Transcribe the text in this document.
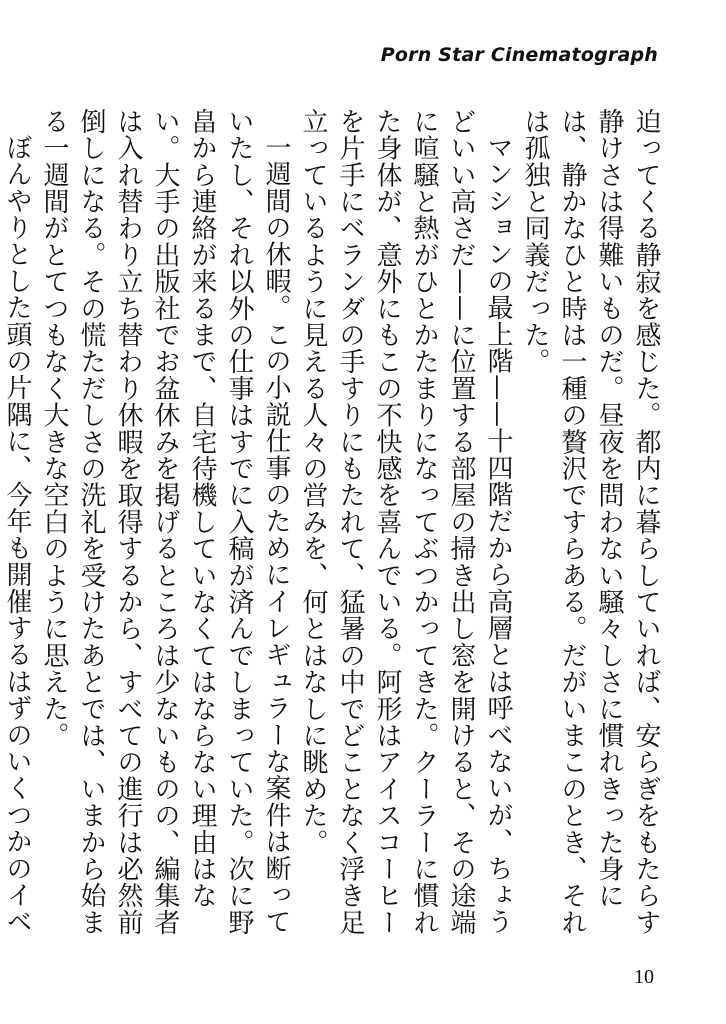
Porn Star Cinematograph

迫ってくる静寂を感じた。都内に暮らしていれば、安らぎをもたらす静けさは得難いものだ。昼夜を問わない騒々しさに慣れきった身には、静かなひと時は一種の贅沢ですらある。だがいまこのとき、それは孤独と同義だった。

マンションの最上階——十四階だから高層とは呼べないが、ちょうどいい高さだ——に位置する部屋の掃き出し窓を開けると、その途端に喧騒と熱がひとかたまりになってぶつかってきた。クーラーに慣れた身体が、意外にもこの不快感を喜んでいる。阿形はアイスコーヒーを片手にベランダの手すりにもたれて、猛暑の中でどことなく浮き足立っているように見える人々の営みを、何とはなしに眺めた。

一週間の休暇。この小説仕事のためにイレギュラーな案件は断っていたし、それ以外の仕事はすでに入稿が済んでしまっていた。次に野畠から連絡が来るまで、自宅待機していなくてはならない理由はない。大手の出版社でお盆休みを掲げるところは少ないものの、編集者は入れ替わり立ち替わり休暇を取得するから、すべての進行は必然前倒しになる。その慌ただしさの洗礼を受けたあとでは、いまから始まる一週間がとてつもなく大きな空白のように思えた。

ぼんやりとした頭の片隅に、今年も開催するはずのいくつかのイベ

10
